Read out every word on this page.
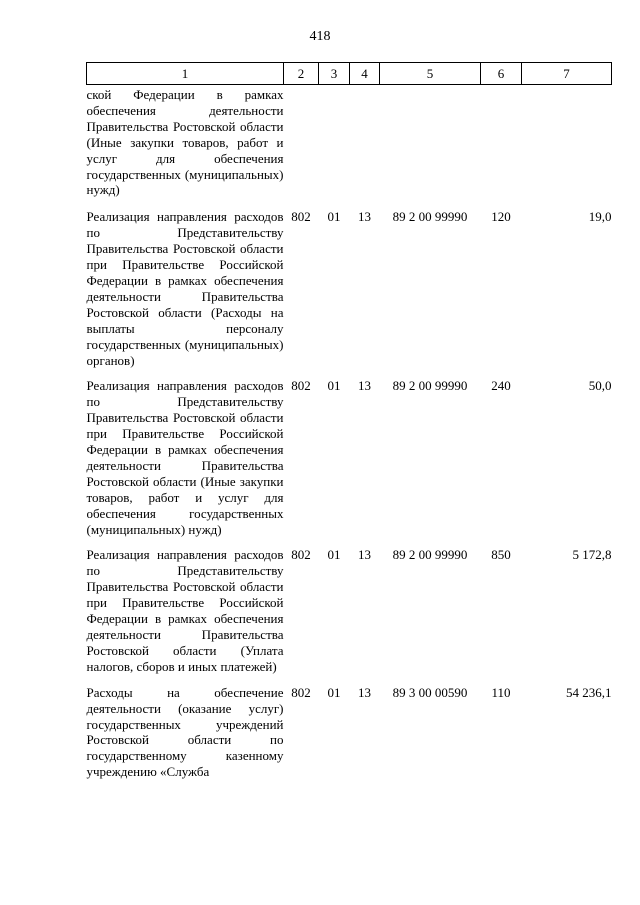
418
1	2	3	4	5	6	7
ской Федерации в рамках обеспечения деятельности Правительства Ростовской области (Иные закупки товаров, работ и услуг для обеспечения государственных (муниципальных) нужд)						
Реализация направления расходов по Представительству Правительства Ростовской области при Правительстве Российской Федерации в рамках обеспечения деятельности Правительства Ростовской области (Расходы на выплаты персоналу государственных (муниципальных) органов)	802	01	13	89 2 00 99990	120	19,0
Реализация направления расходов по Представительству Правительства Ростовской области при Правительстве Российской Федерации в рамках обеспечения деятельности Правительства Ростовской области (Иные закупки товаров, работ и услуг для обеспечения государственных (муниципальных) нужд)	802	01	13	89 2 00 99990	240	50,0
Реализация направления расходов по Представительству Правительства Ростовской области при Правительстве Российской Федерации в рамках обеспечения деятельности Правительства Ростовской области (Уплата налогов, сборов и иных платежей)	802	01	13	89 2 00 99990	850	5 172,8
Расходы на обеспечение деятельности (оказание услуг) государственных учреждений Ростовской области по государственному казенному учреждению «Служба	802	01	13	89 3 00 00590	110	54 236,1
